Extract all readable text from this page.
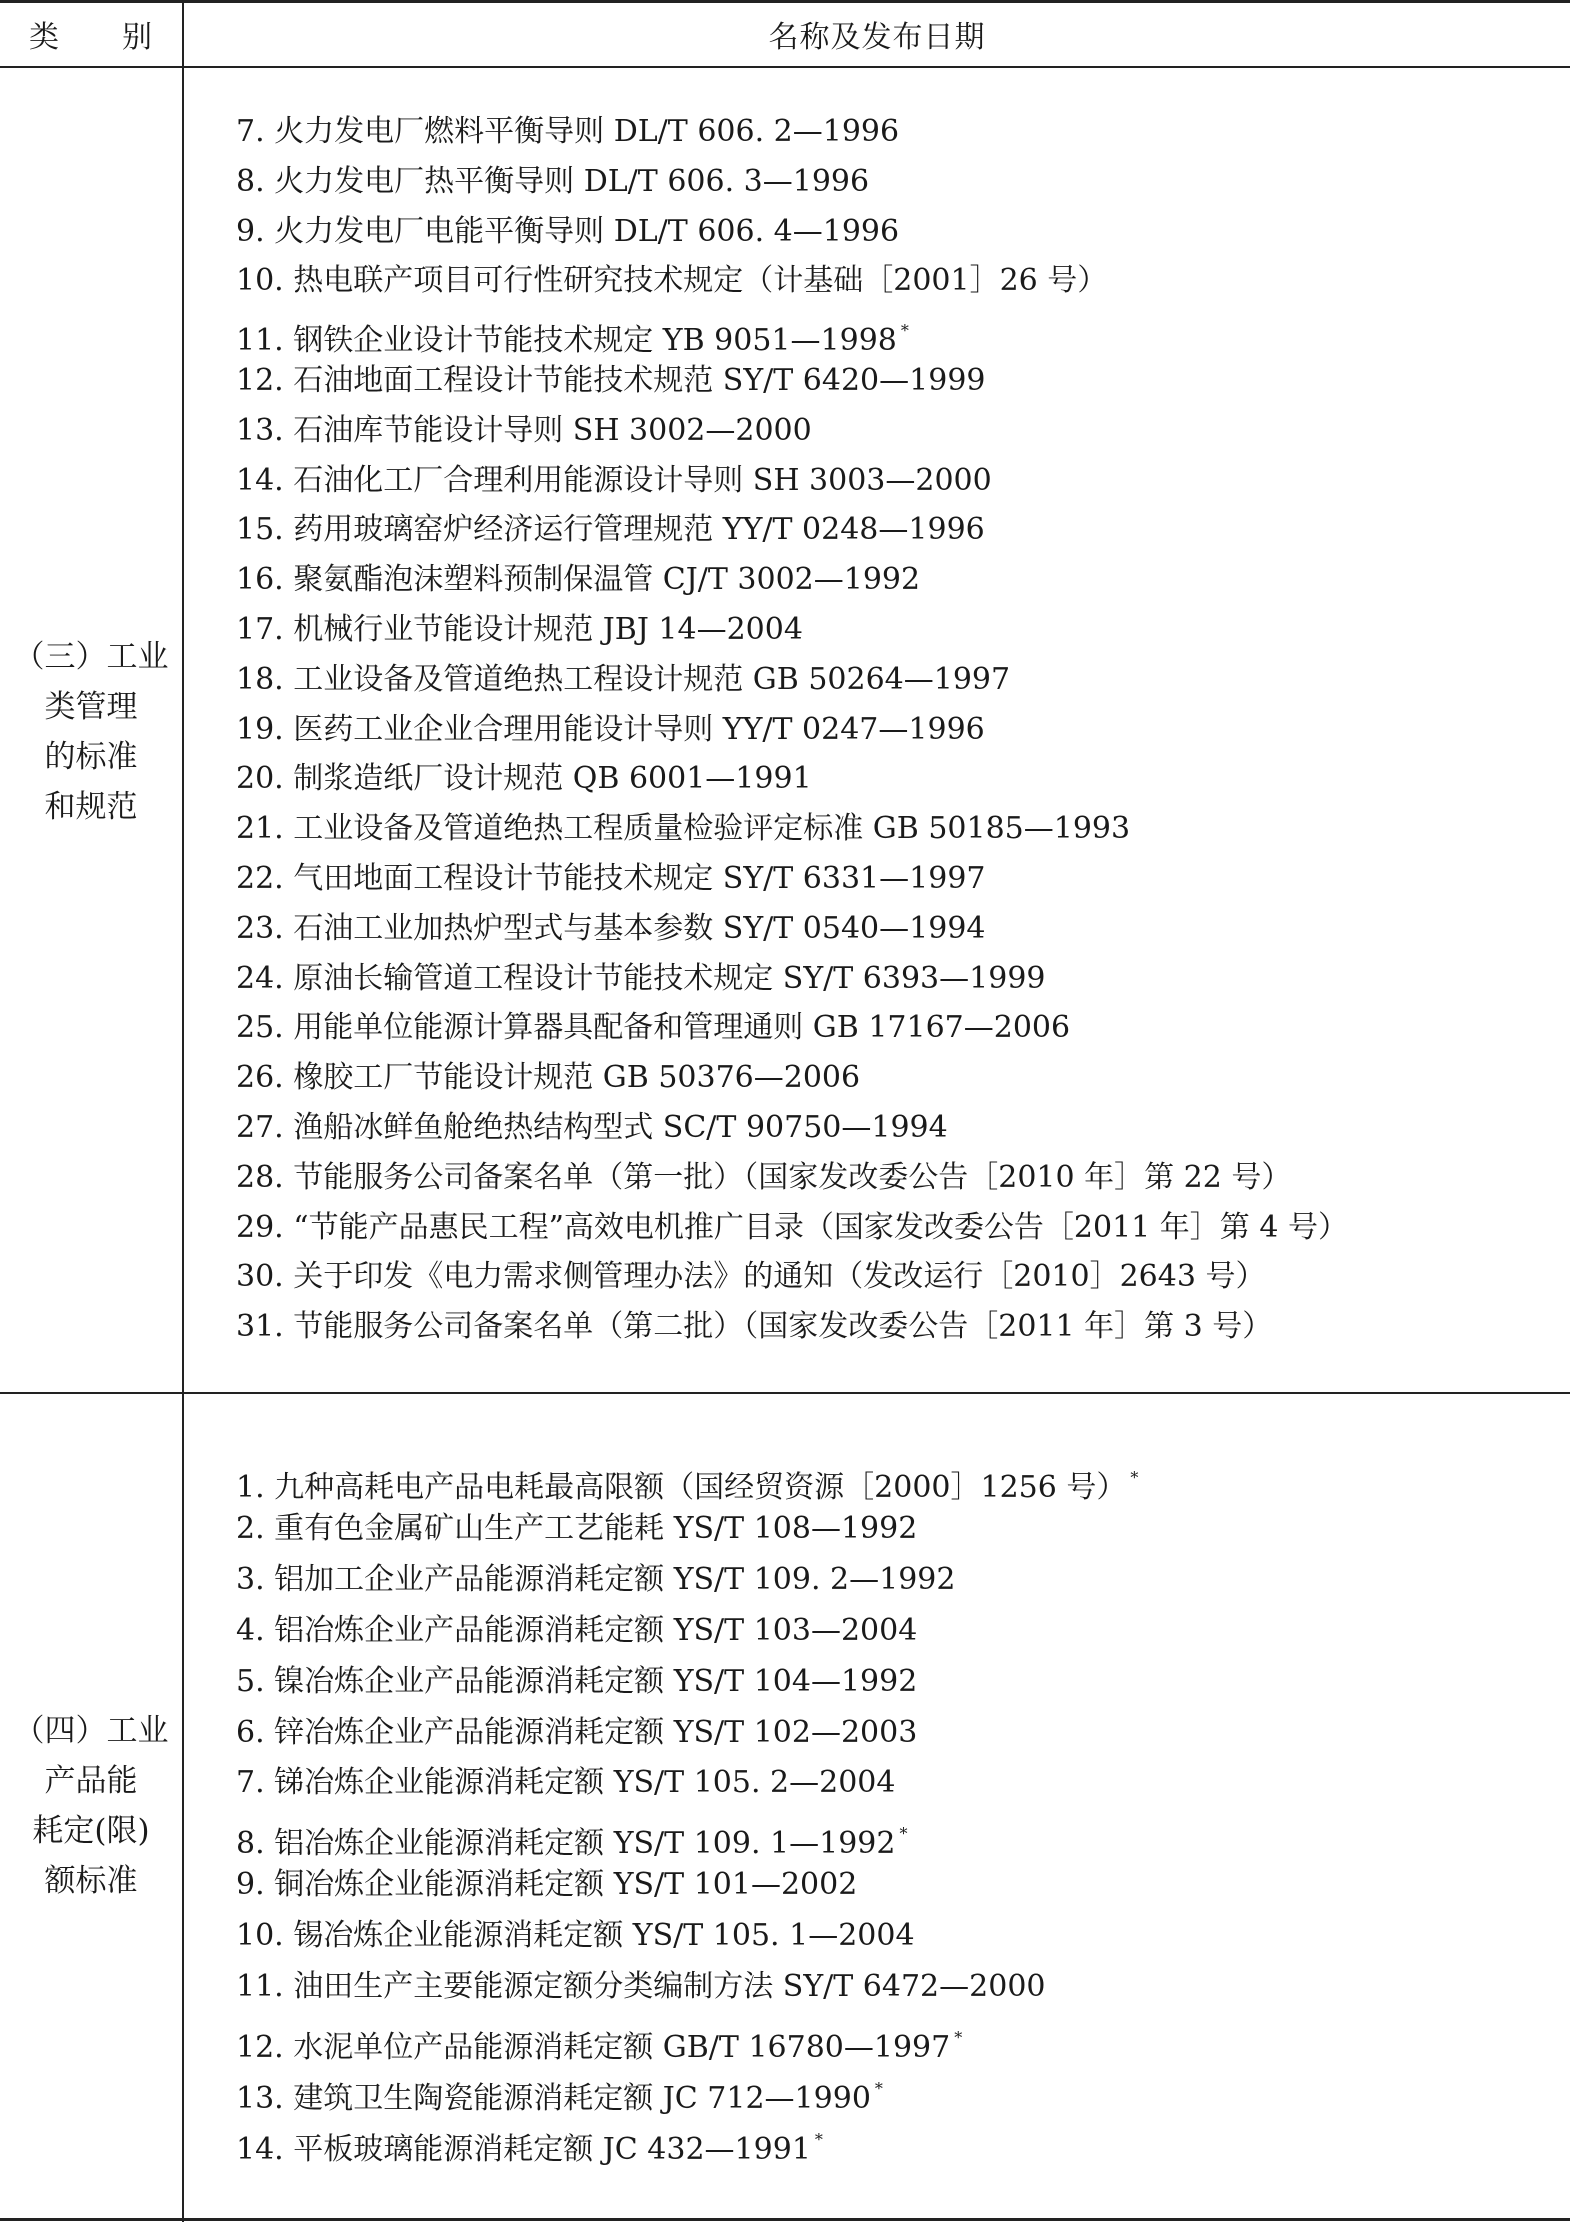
类　　别	名称及发布日期
（三）工业
类管理
的标准
和规范
（四）工业
产品能
耗定(限)
额标准
7. 火力发电厂燃料平衡导则 DL/T 606. 2—1996
8. 火力发电厂热平衡导则 DL/T 606. 3—1996
9. 火力发电厂电能平衡导则 DL/T 606. 4—1996
10. 热电联产项目可行性研究技术规定（计基础［2001］26 号）
11. 钢铁企业设计节能技术规定 YB 9051—1998 *
12. 石油地面工程设计节能技术规范 SY/T 6420—1999
13. 石油库节能设计导则 SH 3002—2000
14. 石油化工厂合理利用能源设计导则 SH 3003—2000
15. 药用玻璃窑炉经济运行管理规范 YY/T 0248—1996
16. 聚氨酯泡沫塑料预制保温管 CJ/T 3002—1992
17. 机械行业节能设计规范 JBJ 14—2004
18. 工业设备及管道绝热工程设计规范 GB 50264—1997
19. 医药工业企业合理用能设计导则 YY/T 0247—1996
20. 制浆造纸厂设计规范 QB 6001—1991
21. 工业设备及管道绝热工程质量检验评定标准 GB 50185—1993
22. 气田地面工程设计节能技术规定 SY/T 6331—1997
23. 石油工业加热炉型式与基本参数 SY/T 0540—1994
24. 原油长输管道工程设计节能技术规定 SY/T 6393—1999
25. 用能单位能源计算器具配备和管理通则 GB 17167—2006
26. 橡胶工厂节能设计规范 GB 50376—2006
27. 渔船冰鲜鱼舱绝热结构型式 SC/T 90750—1994
28. 节能服务公司备案名单（第一批）（国家发改委公告［2010 年］第 22 号）
29. “节能产品惠民工程”高效电机推广目录（国家发改委公告［2011 年］第 4 号）
30. 关于印发《电力需求侧管理办法》的通知（发改运行［2010］2643 号）
31. 节能服务公司备案名单（第二批）（国家发改委公告［2011 年］第 3 号）
1. 九种高耗电产品电耗最高限额（国经贸资源［2000］1256 号） *
2. 重有色金属矿山生产工艺能耗 YS/T 108—1992
3. 铝加工企业产品能源消耗定额 YS/T 109. 2—1992
4. 铝冶炼企业产品能源消耗定额 YS/T 103—2004
5. 镍冶炼企业产品能源消耗定额 YS/T 104—1992
6. 锌冶炼企业产品能源消耗定额 YS/T 102—2003
7. 锑冶炼企业能源消耗定额 YS/T 105. 2—2004
8. 铝冶炼企业能源消耗定额 YS/T 109. 1—1992 *
9. 铜冶炼企业能源消耗定额 YS/T 101—2002
10. 锡冶炼企业能源消耗定额 YS/T 105. 1—2004
11. 油田生产主要能源定额分类编制方法 SY/T 6472—2000
12. 水泥单位产品能源消耗定额 GB/T 16780—1997 *
13. 建筑卫生陶瓷能源消耗定额 JC 712—1990 *
14. 平板玻璃能源消耗定额 JC 432—1991 *
